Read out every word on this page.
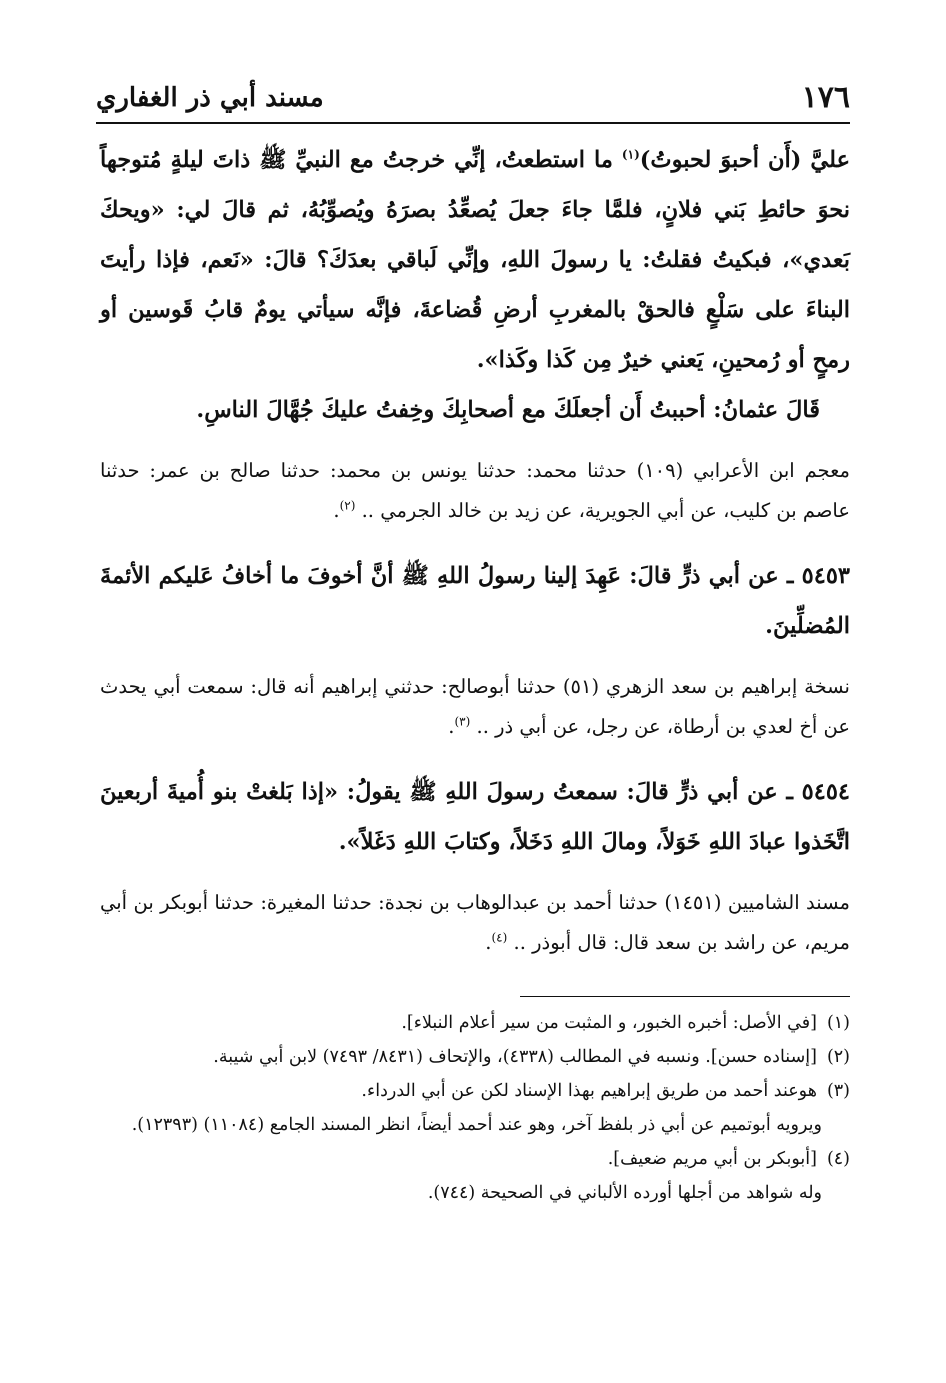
١٧٦
مسند أبي ذر الغفاري

عليَّ (أَن أحبوَ لحبوتُ)$^{(١)}$ ما استطعتُ، إنِّي خرجتُ مع النبيِّ ﷺ ذاتَ ليلةٍ مُتوجهاً نحوَ حائطِ بَني فلانٍ، فلمَّا جاءَ جعلَ يُصعِّدُ بصرَهُ ويُصوِّبُهُ، ثم قالَ لي: «ويحكَ بَعدي»، فبكيتُ فقلتُ: يا رسولَ اللهِ، وإنِّي لَباقي بعدَكَ؟ قالَ: «نَعم، فإذا رأيتَ البناءَ على سَلْعٍ فالحقْ بالمغربِ أرضِ قُضاعةَ، فإنَّه سيأتي يومٌ قابُ قَوسين أو رمحٍ أو رُمحينِ، يَعني خيرٌ مِن كَذا وكَذا».

قَالَ عثمانُ: أحببتُ أَن أجعلَكَ مع أصحابِكَ وخِفتُ عليكَ جُهَّالَ الناسِ.

معجم ابن الأعرابي (١٠٩) حدثنا محمد: حدثنا يونس بن محمد: حدثنا صالح بن عمر: حدثنا عاصم بن كليب، عن أبي الجويرية، عن زيد بن خالد الجرمي .. $^{(٢)}$.

٥٤٥٣ ـ عن أبي ذرٍّ قالَ: عَهِدَ إلينا رسولُ اللهِ ﷺ أنَّ أخوفَ ما أخافُ عَليكم الأئمةَ المُضلِّينَ.

نسخة إبراهيم بن سعد الزهري (٥١) حدثنا أبوصالح: حدثني إبراهيم أنه قال: سمعت أبي يحدث عن أخ لعدي بن أرطاة، عن رجل، عن أبي ذر .. $^{(٣)}$.

٥٤٥٤ ـ عن أبي ذرٍّ قالَ: سمعتُ رسولَ اللهِ ﷺ يقولُ: «إذا بَلغتْ بنو أُميةَ أربعينَ اتَّخَذوا عبادَ اللهِ خَوَلاً، ومالَ اللهِ دَخَلاً، وكتابَ اللهِ دَغَلاً».

مسند الشاميين (١٤٥١) حدثنا أحمد بن عبدالوهاب بن نجدة: حدثنا المغيرة: حدثنا أبوبكر بن أبي مريم، عن راشد بن سعد قال: قال أبوذر .. $^{(٤)}$.

(١)[في الأصل: أخبره الخبور، و المثبت من سير أعلام النبلاء].

(٢)[إسناده حسن]. ونسبه في المطالب (٤٣٣٨)، والإتحاف (٨٤٣١/ ٧٤٩٣) لابن أبي شيبة.

(٣)هوعند أحمد من طريق إبراهيم بهذا الإسناد لكن عن أبي الدرداء.

ويرويه أبوتميم عن أبي ذر بلفظ آخر، وهو عند أحمد أيضاً، انظر المسند الجامع (١١٠٨٤) (١٢٣٩٣).

(٤)[أبوبكر بن أبي مريم ضعيف].

وله شواهد من أجلها أورده الألباني في الصحيحة (٧٤٤).
